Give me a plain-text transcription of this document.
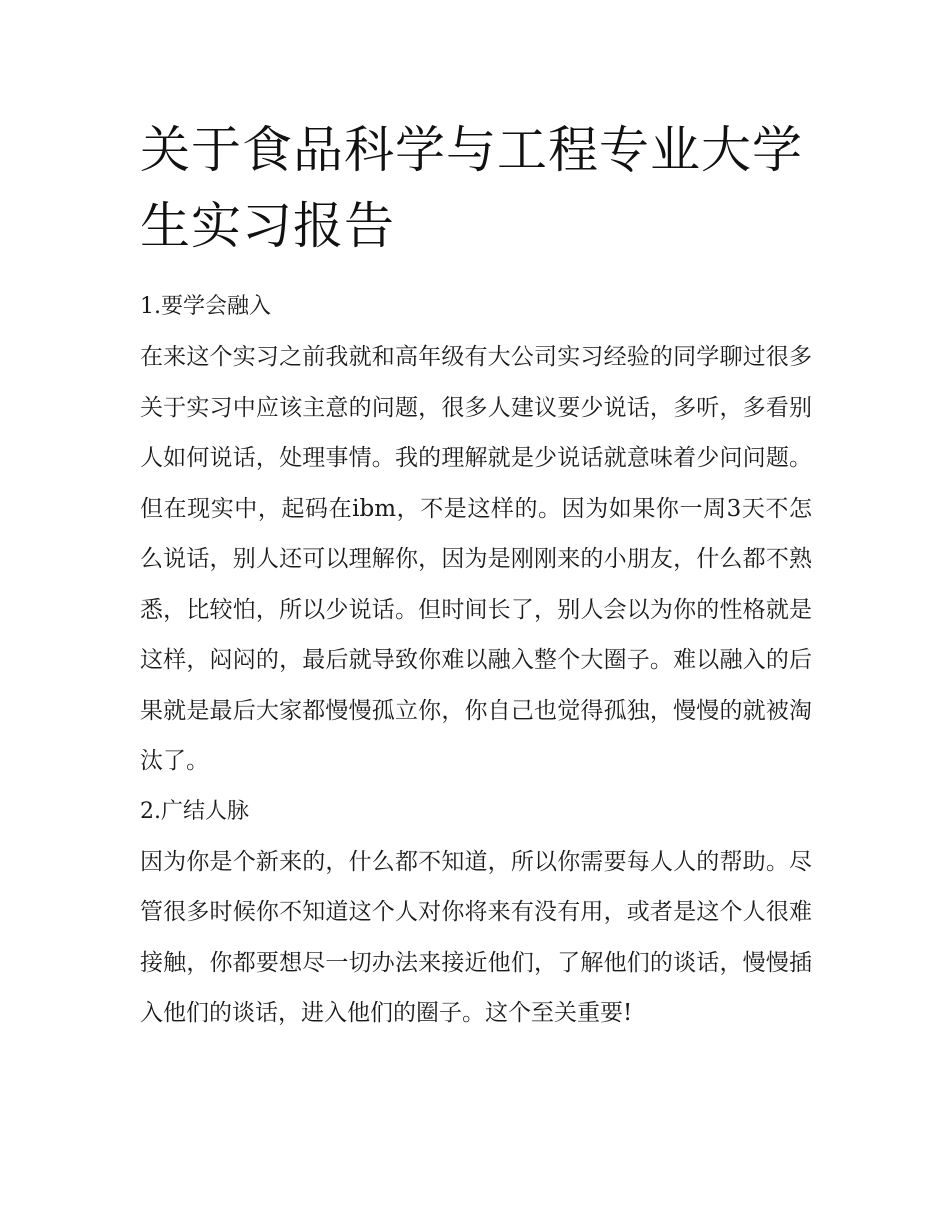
关于食品科学与工程专业大学生实习报告
1.要学会融入

在来这个实习之前我就和高年级有大公司实习经验的同学聊过很多关于实习中应该主意的问题，很多人建议要少说话，多听，多看别人如何说话，处理事情。我的理解就是少说话就意味着少问问题。但在现实中，起码在ibm，不是这样的。因为如果你一周3天不怎么说话，别人还可以理解你，因为是刚刚来的小朋友，什么都不熟悉，比较怕，所以少说话。但时间长了，别人会以为你的性格就是这样，闷闷的，最后就导致你难以融入整个大圈子。难以融入的后果就是最后大家都慢慢孤立你，你自己也觉得孤独，慢慢的就被淘汰了。

2.广结人脉

因为你是个新来的，什么都不知道，所以你需要每人人的帮助。尽管很多时候你不知道这个人对你将来有没有用，或者是这个人很难接触，你都要想尽一切办法来接近他们，了解他们的谈话，慢慢插入他们的谈话，进入他们的圈子。这个至关重要!
